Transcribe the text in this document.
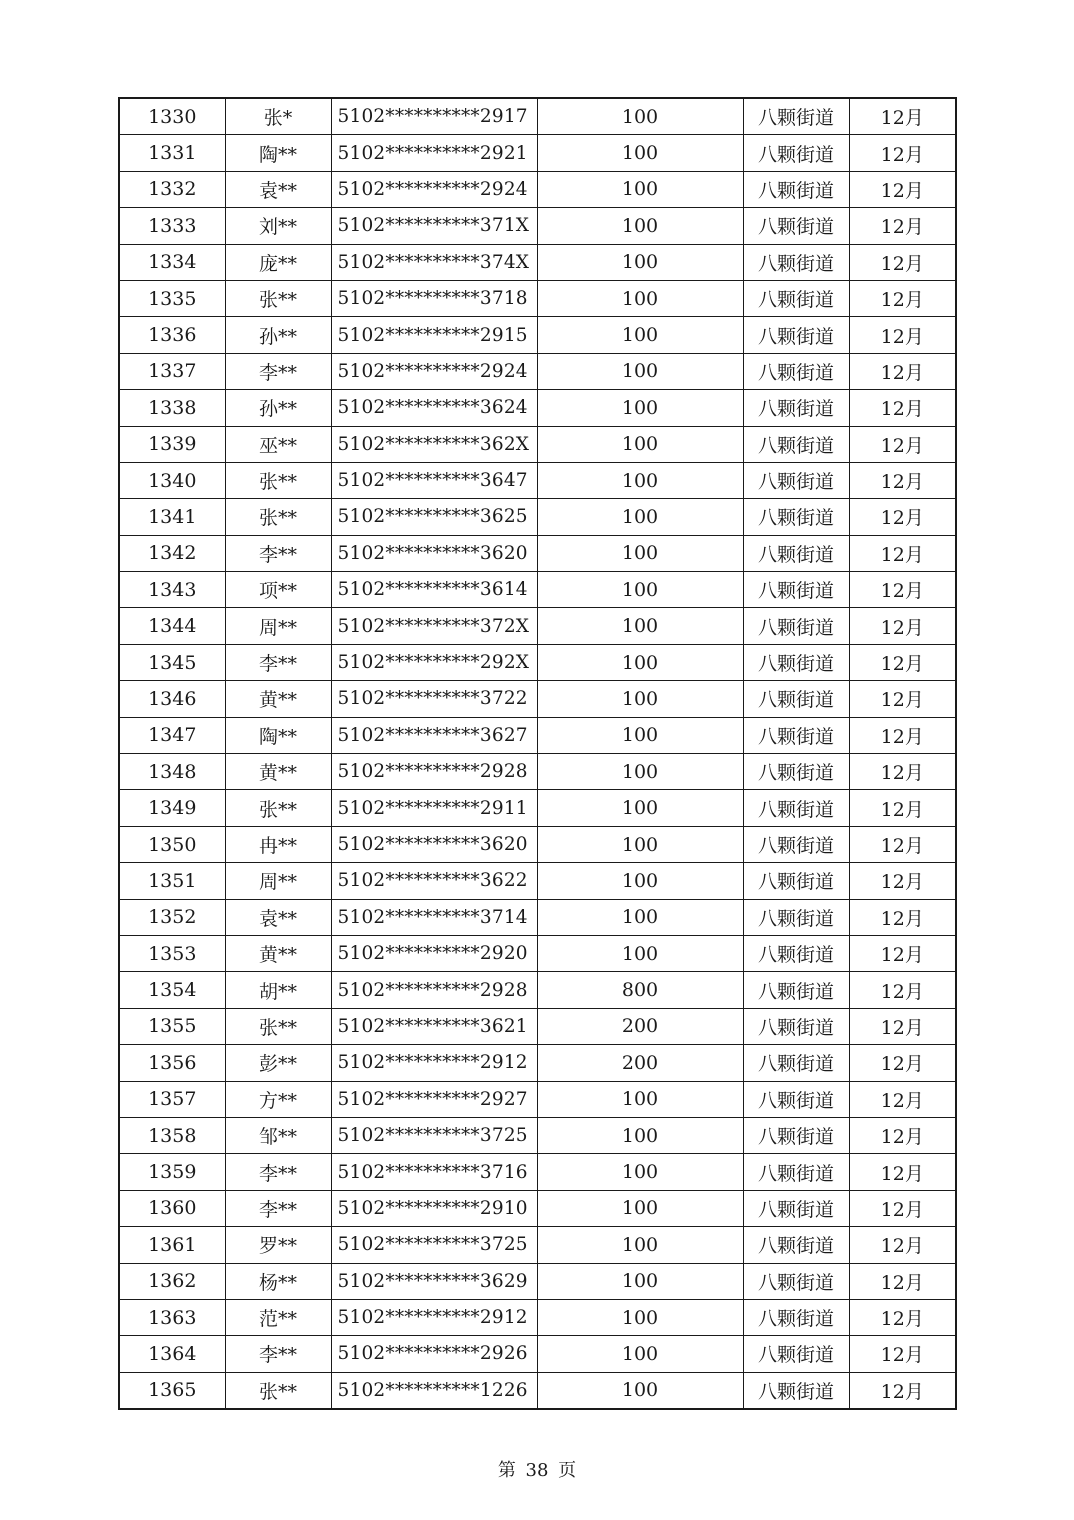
1330	张*	5102**********2917	100	八颗街道	12月
1331	陶**	5102**********2921	100	八颗街道	12月
1332	袁**	5102**********2924	100	八颗街道	12月
1333	刘**	5102**********371X	100	八颗街道	12月
1334	庞**	5102**********374X	100	八颗街道	12月
1335	张**	5102**********3718	100	八颗街道	12月
1336	孙**	5102**********2915	100	八颗街道	12月
1337	李**	5102**********2924	100	八颗街道	12月
1338	孙**	5102**********3624	100	八颗街道	12月
1339	巫**	5102**********362X	100	八颗街道	12月
1340	张**	5102**********3647	100	八颗街道	12月
1341	张**	5102**********3625	100	八颗街道	12月
1342	李**	5102**********3620	100	八颗街道	12月
1343	项**	5102**********3614	100	八颗街道	12月
1344	周**	5102**********372X	100	八颗街道	12月
1345	李**	5102**********292X	100	八颗街道	12月
1346	黄**	5102**********3722	100	八颗街道	12月
1347	陶**	5102**********3627	100	八颗街道	12月
1348	黄**	5102**********2928	100	八颗街道	12月
1349	张**	5102**********2911	100	八颗街道	12月
1350	冉**	5102**********3620	100	八颗街道	12月
1351	周**	5102**********3622	100	八颗街道	12月
1352	袁**	5102**********3714	100	八颗街道	12月
1353	黄**	5102**********2920	100	八颗街道	12月
1354	胡**	5102**********2928	800	八颗街道	12月
1355	张**	5102**********3621	200	八颗街道	12月
1356	彭**	5102**********2912	200	八颗街道	12月
1357	方**	5102**********2927	100	八颗街道	12月
1358	邹**	5102**********3725	100	八颗街道	12月
1359	李**	5102**********3716	100	八颗街道	12月
1360	李**	5102**********2910	100	八颗街道	12月
1361	罗**	5102**********3725	100	八颗街道	12月
1362	杨**	5102**********3629	100	八颗街道	12月
1363	范**	5102**********2912	100	八颗街道	12月
1364	李**	5102**********2926	100	八颗街道	12月
1365	张**	5102**********1226	100	八颗街道	12月
第 38 页
